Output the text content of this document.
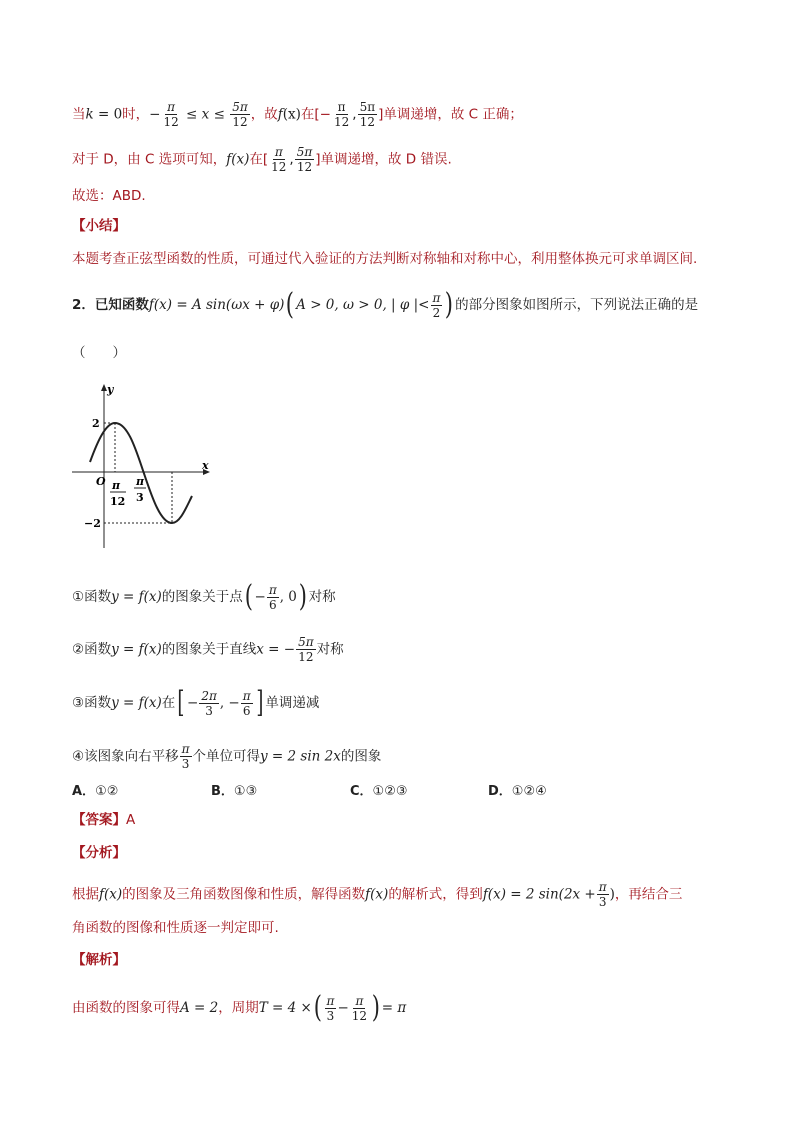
当k = 0时，− $\frac{\pi}{12} \le x \le \frac{5\pi}{12}$ ，故f(x)在[− $\frac{\pi}{12}$ , $\frac{5\pi}{12}$ ]单调递增，故 C 正确；
对于 D，由 C 选项可知，f(x)在[ $\frac{\pi}{12}$ , $\frac{5\pi}{12}$ ]单调递增，故 D 错误.
故选：ABD.
【小结】
本题考查正弦型函数的性质，可通过代入验证的方法判断对称轴和对称中心，利用整体换元可求单调区间.
2．已知函数f(x) = A sin(ωx + φ)( A > 0, ω > 0, | φ |< $\frac{\pi}{2}$ ) 的部分图象如图所示，下列说法正确的是
（　　）
y
x
O
2
−2
π
12
π
3
①函数y = f(x)的图象关于点( − $\frac{\pi}{6}$ , 0) 对称
②函数y = f(x)的图象关于直线x = − $\frac{5\pi}{12}$ 对称
③函数y = f(x)在[ − $\frac{2\pi}{3}$ , − $\frac{\pi}{6}$ ] 单调递减
④该图象向右平移 $\frac{\pi}{3}$ 个单位可得y = 2 sin 2x的图象
A．①②	B．①③	C．①②③	D．①②④
【答案】A
【分析】
根据f(x)的图象及三角函数图像和性质，解得函数f(x)的解析式，得到f(x) = 2 $\sin(2x + \frac{\pi}{3}$ )，再结合三
角函数的图像和性质逐一判定即可.
【解析】
由函数的图象可得A = 2，周期T = 4 ×( $\frac{\pi}{3} - \frac{\pi}{12}$ ) = π
